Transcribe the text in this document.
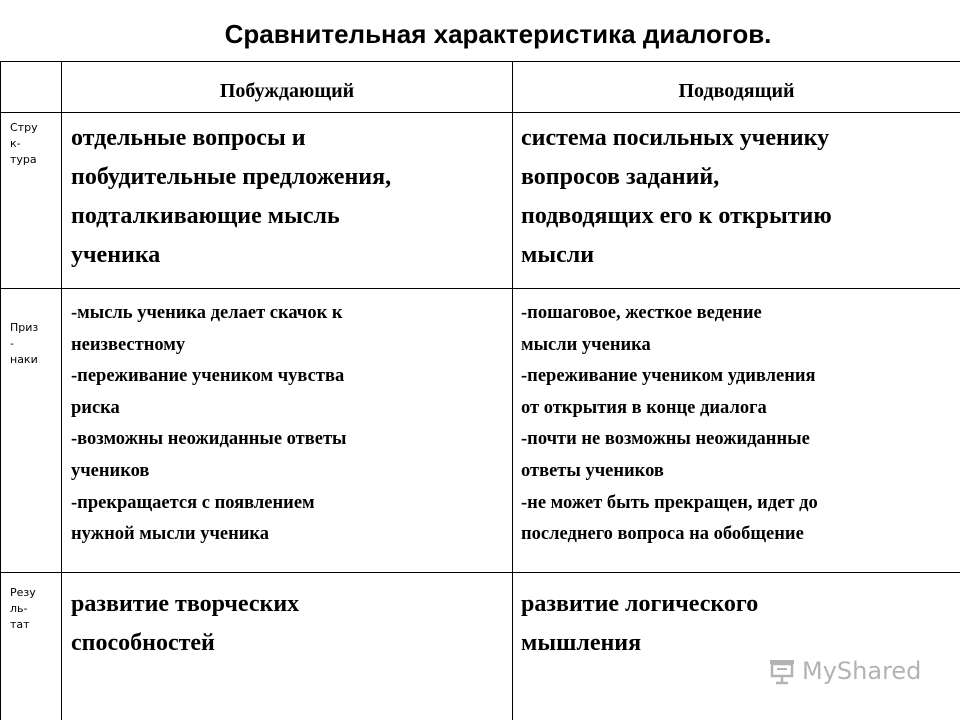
Сравнительная характеристика диалогов.
Побуждающий	Подводящий
Стру
к-
тура
отдельные вопросы и
побудительные предложения,
подталкивающие мысль
ученика
система посильных ученику
вопросов заданий,
подводящих его к открытию
мысли
Приз
-
наки
-мысль ученика делает скачок к
неизвестному
-переживание учеником чувства
риска
-возможны неожиданные ответы
учеников
-прекращается с появлением
нужной мысли ученика
-пошаговое, жесткое ведение
мысли ученика
-переживание учеником удивления
от открытия в конце диалога
-почти не возможны неожиданные
ответы учеников
-не может быть прекращен, идет до
последнего вопроса на обобщение
Резу
ль-
тат
развитие творческих
способностей
развитие логического
мышления
MyShared
